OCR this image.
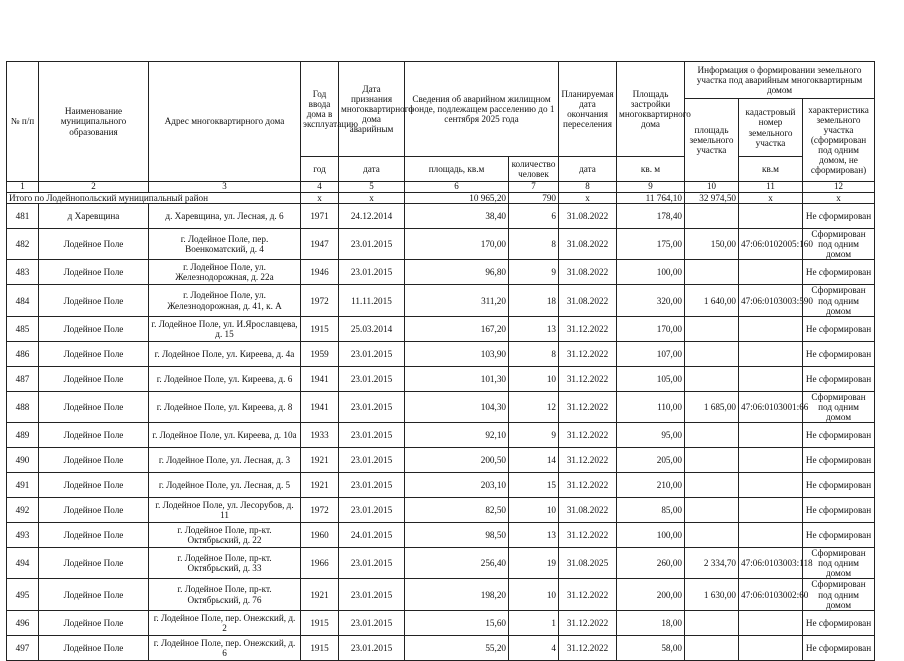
№ п/п	Наименование муниципального образования	Адрес многоквартирного дома	Год ввода дома в эксплуатацию	Дата признания многоквартирного дома аварийным	Сведения об аварийном жилищном фонде, подлежащем расселению до 1 сентября 2025 года		Планируемая дата окончания переселения	Площадь застройки многоквартирного дома	Информация о формировании земельного участка под аварийным многоквартирным домом		
									площадь земельного участка	кадастровый номер земельного участка	характеристика земельного участка (сформирован под одним домом, не сформирован)
			год	дата	площадь, кв.м	количество человек	дата	кв. м		кв.м	
1	2	3	4	5	6	7	8	9	10	11	12
Итого по Лодейнопольский муниципальный район			х	х	10 965,20	790	х	11 764,10	32 974,50	х	х
481	д Харевщина	д. Харевщина, ул. Лесная, д. 6	1971	24.12.2014	38,40	6	31.08.2022	178,40			Не сформирован
482	Лодейное Поле	г. Лодейное Поле, пер. Военкоматский, д. 4	1947	23.01.2015	170,00	8	31.08.2022	175,00	150,00	47:06:0102005:160	Сформирован под одним домом
483	Лодейное Поле	г. Лодейное Поле, ул. Железнодорожная, д. 22а	1946	23.01.2015	96,80	9	31.08.2022	100,00			Не сформирован
484	Лодейное Поле	г. Лодейное Поле, ул. Железнодорожная, д. 41, к. А	1972	11.11.2015	311,20	18	31.08.2022	320,00	1 640,00	47:06:0103003:590	Сформирован под одним домом
485	Лодейное Поле	г. Лодейное Поле, ул. И.Ярославцева, д. 15	1915	25.03.2014	167,20	13	31.12.2022	170,00			Не сформирован
486	Лодейное Поле	г. Лодейное Поле, ул. Киреева, д. 4а	1959	23.01.2015	103,90	8	31.12.2022	107,00			Не сформирован
487	Лодейное Поле	г. Лодейное Поле, ул. Киреева, д. 6	1941	23.01.2015	101,30	10	31.12.2022	105,00			Не сформирован
488	Лодейное Поле	г. Лодейное Поле, ул. Киреева, д. 8	1941	23.01.2015	104,30	12	31.12.2022	110,00	1 685,00	47:06:0103001:66	Сформирован под одним домом
489	Лодейное Поле	г. Лодейное Поле, ул. Киреева, д. 10а	1933	23.01.2015	92,10	9	31.12.2022	95,00			Не сформирован
490	Лодейное Поле	г. Лодейное Поле, ул. Лесная, д. 3	1921	23.01.2015	200,50	14	31.12.2022	205,00			Не сформирован
491	Лодейное Поле	г. Лодейное Поле, ул. Лесная, д. 5	1921	23.01.2015	203,10	15	31.12.2022	210,00			Не сформирован
492	Лодейное Поле	г. Лодейное Поле, ул. Лесорубов, д. 11	1972	23.01.2015	82,50	10	31.08.2022	85,00			Не сформирован
493	Лодейное Поле	г. Лодейное Поле, пр-кт. Октябрьский, д. 22	1960	24.01.2015	98,50	13	31.12.2022	100,00			Не сформирован
494	Лодейное Поле	г. Лодейное Поле, пр-кт. Октябрьский, д. 33	1966	23.01.2015	256,40	19	31.08.2025	260,00	2 334,70	47:06:0103003:118	Сформирован под одним домом
495	Лодейное Поле	г. Лодейное Поле, пр-кт. Октябрьский, д. 76	1921	23.01.2015	198,20	10	31.12.2022	200,00	1 630,00	47:06:0103002:60	Сформирован под одним домом
496	Лодейное Поле	г. Лодейное Поле, пер. Онежский, д. 2	1915	23.01.2015	15,60	1	31.12.2022	18,00			Не сформирован
497	Лодейное Поле	г. Лодейное Поле, пер. Онежский, д. 6	1915	23.01.2015	55,20	4	31.12.2022	58,00			Не сформирован
